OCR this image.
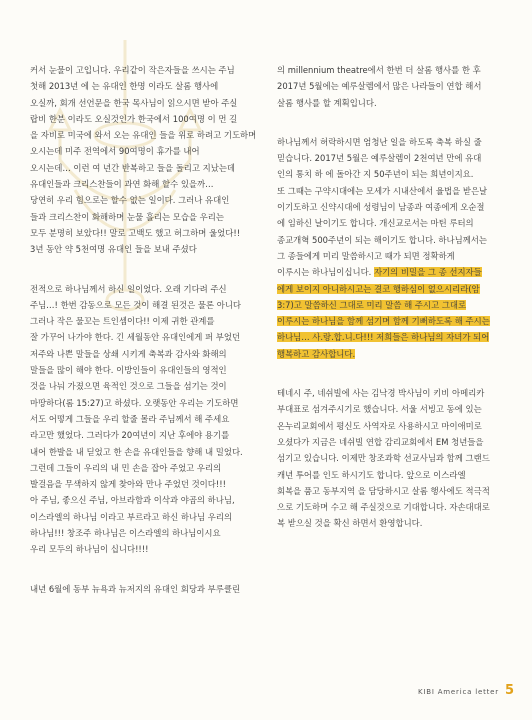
커서 눈물이 고입니다. 우리같이 작은자들을 쓰시는 주님
첫해 2013년 에 는 유대인 한명 이라도 살롬 행사에
오실까, 회개 선언문을 한국 목사님이 읽으시면 받아 주실
랍비 한분 이라도 오실것인가 한국에서 100여명 이 먼 길
을 자비로 미국에 와서 오는 유대인 들을 위로 하려고 기도하며
오시는데 미주 전역에서 90여명이 휴가를 내어
오시는데… 이런 여 년간 반복하고 들을 돌리고 지났는데
유대인들과 크리스찬들이 과연 화해 할수 있을까…
당연히 우리 힘으로는 할수 없는 일이다. 그러나 유대인
들과 크리스찬이 화해하며 눈물 흘리는 모습을 우리는
모두 분명히 보았다!! 말로 고백도 했고 허그하며 울었다!!
3년 동안 약 5천여명 유대인 들을 보내 주셨다
전적으로 하나님께서 하신 일이었다. 오래 기다려 주신
주님…! 한번 감동으로 모든 것이 해결 된것은 물론 아니다
그러나 작은 물꼬는 트인셈이다!! 이제 귀한 관계를
잘 가꾸어 나가야 한다. 긴 세월동안 유대인에게 퍼 부었던
저주와 나쁜 말들을 상쇄 시키게 축복과 감사와 화해의
말들을 많이 해야 한다. 이방인들이 유대인들의 영적인
것을 나눠 가졌으면 육적인 것으로 그들을 섬기는 것이
마땅하다(롬 15:27)고 하셨다. 오랫동안 우리는 기도하면
서도 어떻게 그들을 우리 할줄 몰라 주님께서 해 주세요
라고만 했었다. 그러다가 20여년이 지난 후에야 용기를
내어 한발을 내 딛었고 한 손을 유대인들을 향해 내 밀었다.
그런데 그들이 우리의 내 민 손을 잡아 주었고 우리의
발걸음을 무색하지 않게 찾아와 만나 주었던 것이다!!!
아 주님, 좋으신 주님, 아브라함과 이삭과 야곱의 하나님,
이스라엘의 하나님 이라고 부르라고 하신 하나님 우리의
하나님!!! 창조주 하나님은 이스라엘의 하나님이시요
우리 모두의 하나님이 십니다!!!!
내년 6월에 동부 뉴욕과 뉴저지의 유대인 회당과 부루클린
의 millennium theatre에서 한번 더 살롬 행사를 한 후
2017년 5월에는 예루살렘에서 많은 나라들이 연합 해서
살롬 행사를 할 계획입니다.
하나님께서 허락하시면 엄청난 일을 하도록 축복 하실 줄
믿습니다. 2017년 5월은 예루살렘이 2천여년 만에 유대
인의 통치 하 에 돌아간 지 50주년이 되는 희년이지요.
또 그때는 구약시대에는 모세가 시내산에서 율법을 받은날
이기도하고 신약시대에 성령님이 남종과 여종에게 오순절
에 임하신 날이기도 합니다. 개신교로서는 마틴 루터의
종교개혁 500주년이 되는 해이기도 합니다. 하나님께서는
그 종들에게 미리 말씀하시고 때가 되면 정확하게
이루시는 하나님이십니다. 자기의 비밀을 그 종 선지자들
에게 보이지 아니하시고는 결코 행하심이 없으시리라(암
3:7)고 말씀하신 그대로 미리 말씀 해 주시고 그대로
이루시는 하나님을 함께 섬기며 함께 기뻐하도록 해 주시는
하나님… 사.랑.합.니.다!!! 저희들은 하나님의 자녀가 되어
행복하고 감사합니다.
테네시 주, 네쉬빌에 사는 김낙경 박사님이 키비 아메리카
부대표로 섬겨주시기로 했습니다. 서울 서빙고 동에 있는
온누리교회에서 평신도 사역자로 사용하시고 마이애미로
오셨다가 지금은 네쉬빌 연합 감리교회에서 EM 청년들을
섬기고 있습니다. 이제만 창조과학 선교사님과 함께 그랜드
캐년 투어를 인도 하시기도 합니다. 앞으로 이스라엘
회복을 품고 동부지역 을 담당하시고 살롬 행사에도 적극적
으로 기도하며 수고 해 주실것으로 기대합니다. 자손대대로
복 받으실 것을 확신 하면서 환영합니다.
KIBI America letter 5
